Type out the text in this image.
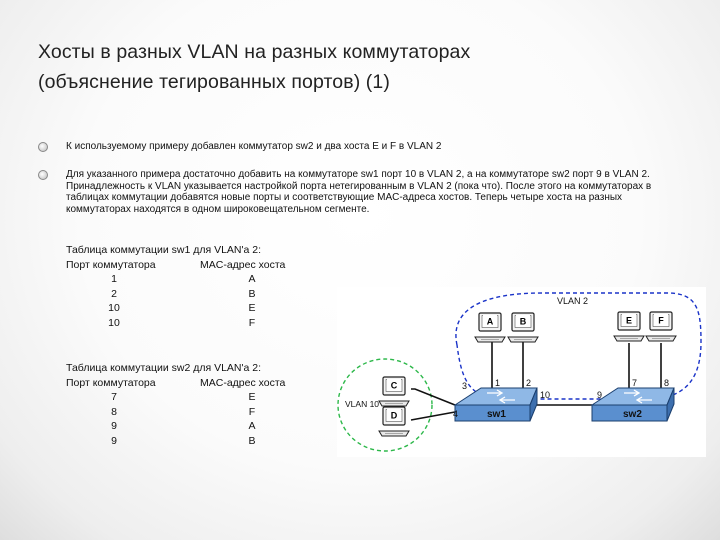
Хосты в разных VLAN на разных коммутаторах
(объяснение тегированных портов) (1)
К используемому примеру добавлен коммутатор sw2 и два хоста E и F в VLAN 2
Для указанного примера достаточно добавить на коммутаторе sw1 порт 10 в VLAN 2, а на коммутаторе sw2 порт 9 в VLAN 2. Принадлежность к VLAN указывается настройкой порта нетегированным в VLAN 2 (пока что). После этого на коммутаторах в таблицах коммутации добавятся новые порты и соответствующие MAC-адреса хостов. Теперь четыре хоста на разных коммутаторах находятся в одном широковещательном сегменте.
Таблица коммутации sw1 для VLAN'a 2:
Порт коммутатора	MAC-адрес хоста
1	A
2	B
10	E
10	F
Таблица коммутации sw2 для VLAN'a 2:
Порт коммутатора	MAC-адрес хоста
7	E
8	F
9	A
9	B
VLAN 2
VLAN 10
A	B
C
D
E	F
sw1	sw2
1	2
3
4
10	9
7	8
